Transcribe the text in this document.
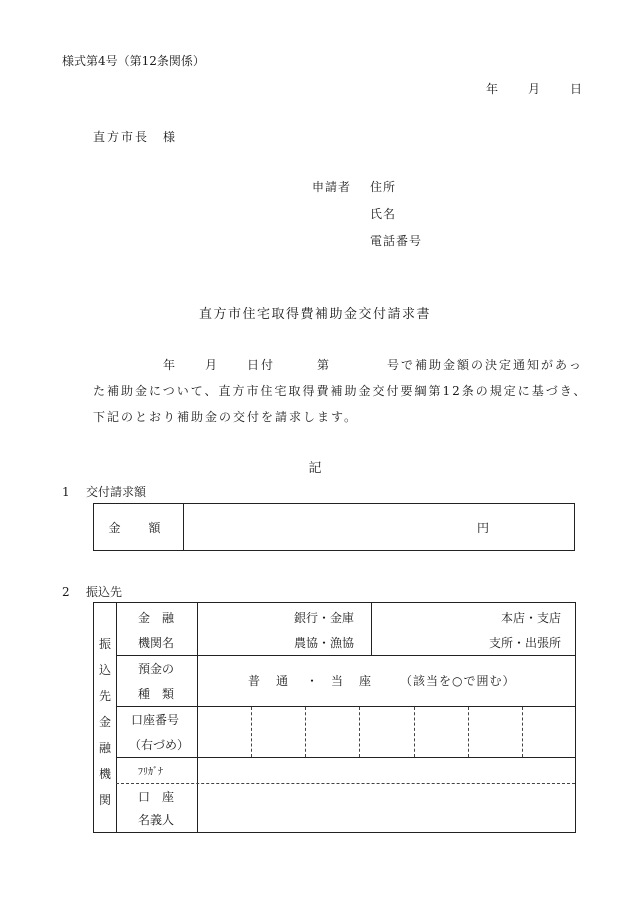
様式第4号（第12条関係）
年 月 日
直方市長　様
申請者 住所
氏名
電話番号
直方市住宅取得費補助金交付請求書
　　　　　年　　月　　日付　　　第　　　　号で補助金額の決定通知があっ
た補助金について、直方市住宅取得費補助金交付要綱第12条の規定に基づき、
下記のとおり補助金の交付を請求します。
記
1 交付請求額
金　額	円
2 振込先
振
込
先
金
融
機
関
金　融
機関名
銀行・金庫
農協・漁協
本店・支店
支所・出張所
預金の
種　類
普　通 ・ 当　座 （該当を○で囲む）
口座番号
（右づめ）
ﾌﾘｶﾞﾅ
口　座
名義人
